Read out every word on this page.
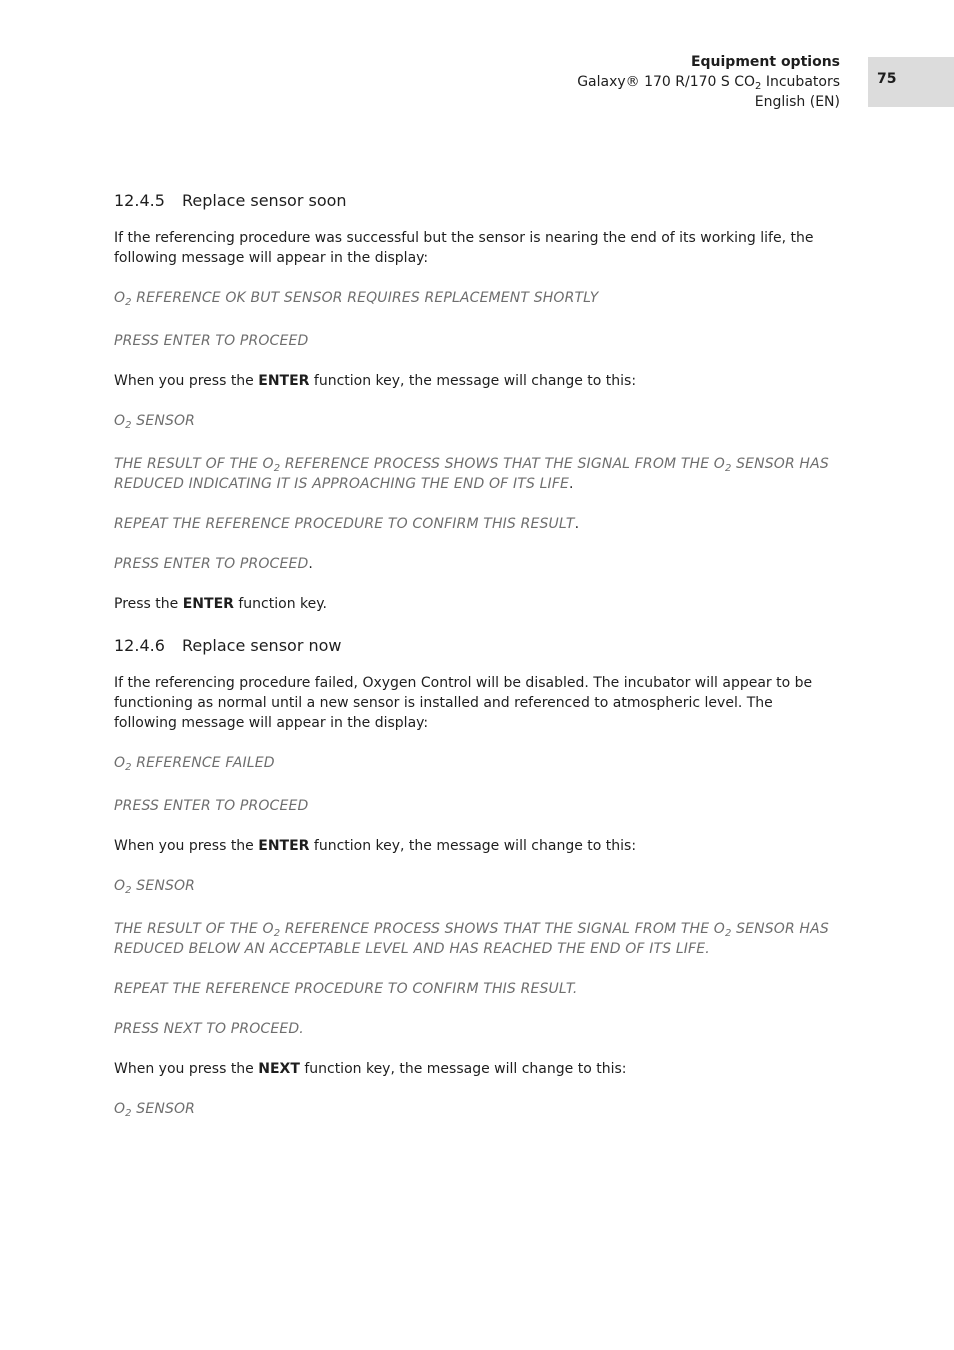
Equipment options
Galaxy® 170 R/170 S $CO_2$ Incubators
English (EN)
75
12.4.5 Replace sensor soon

If the referencing procedure was successful but the sensor is nearing the end of its working life, the following message will appear in the display:

$O_2$ REFERENCE OK BUT SENSOR REQUIRES REPLACEMENT SHORTLY

PRESS ENTER TO PROCEED

When you press the ENTER function key, the message will change to this:

$O_2$ SENSOR

THE RESULT OF THE $O_2$ REFERENCE PROCESS SHOWS THAT THE SIGNAL FROM THE $O_2$ SENSOR HAS REDUCED INDICATING IT IS APPROACHING THE END OF ITS LIFE.

REPEAT THE REFERENCE PROCEDURE TO CONFIRM THIS RESULT.

PRESS ENTER TO PROCEED.

Press the ENTER function key.

12.4.6 Replace sensor now

If the referencing procedure failed, Oxygen Control will be disabled. The incubator will appear to be functioning as normal until a new sensor is installed and referenced to atmospheric level. The following message will appear in the display:

$O_2$ REFERENCE FAILED

PRESS ENTER TO PROCEED

When you press the ENTER function key, the message will change to this:

$O_2$ SENSOR

THE RESULT OF THE $O_2$ REFERENCE PROCESS SHOWS THAT THE SIGNAL FROM THE $O_2$ SENSOR HAS REDUCED BELOW AN ACCEPTABLE LEVEL AND HAS REACHED THE END OF ITS LIFE.

REPEAT THE REFERENCE PROCEDURE TO CONFIRM THIS RESULT.

PRESS NEXT TO PROCEED.

When you press the NEXT function key, the message will change to this:

$O_2$ SENSOR
